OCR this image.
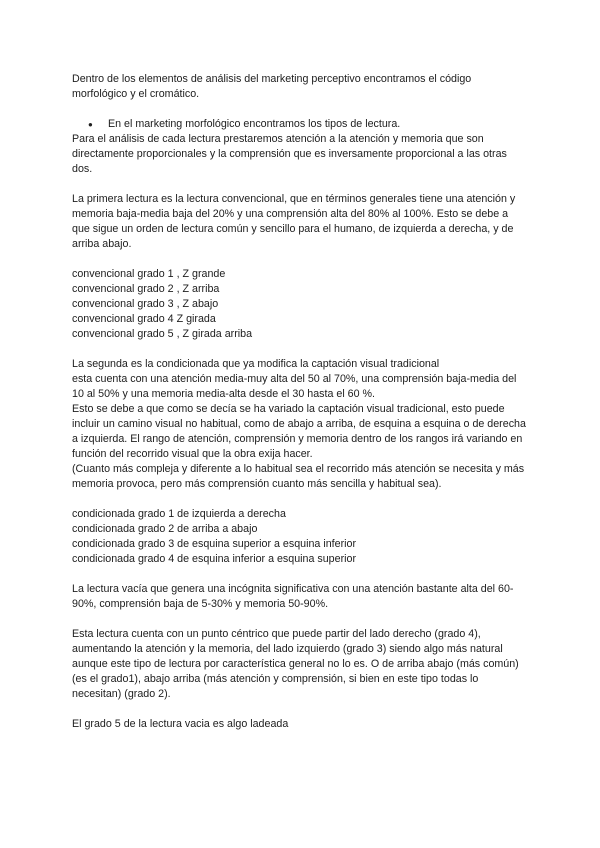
Dentro de los elementos de análisis del marketing perceptivo encontramos el código morfológico y el cromático.

● En el marketing morfológico encontramos los tipos de lectura.

Para el análisis de cada lectura prestaremos atención a la atención y memoria que son directamente proporcionales y la comprensión que es inversamente proporcional a las otras dos.

La primera lectura es la lectura convencional, que en términos generales tiene una atención y memoria baja-media baja del 20% y una comprensión alta del 80% al 100%. Esto se debe a que sigue un orden de lectura común y sencillo para el humano, de izquierda a derecha, y de arriba abajo.

convencional grado 1 , Z grande

convencional grado 2 , Z arriba

convencional grado 3 , Z abajo

convencional grado 4 Z girada

convencional grado 5 , Z girada arriba

La segunda es la condicionada que ya modifica la captación visual tradicional

esta cuenta con una atención media-muy alta del 50 al 70%, una comprensión baja-media del 10 al 50% y una memoria media-alta desde el 30 hasta el 60 %.

Esto se debe a que como se decía se ha variado la captación visual tradicional, esto puede incluir un camino visual no habitual, como de abajo a arriba, de esquina a esquina o de derecha a izquierda. El rango de atención, comprensión y memoria dentro de los rangos irá variando en función del recorrido visual que la obra exija hacer.

(Cuanto más compleja y diferente a lo habitual sea el recorrido más atención se necesita y más memoria provoca, pero más comprensión cuanto más sencilla y habitual sea).

condicionada grado 1 de izquierda a derecha

condicionada grado 2 de arriba a abajo

condicionada grado 3 de esquina superior a esquina inferior

condicionada grado 4 de esquina inferior a esquina superior

La lectura vacía que genera una incógnita significativa con una atención bastante alta del 60-90%, comprensión baja de 5-30% y memoria 50-90%.

Esta lectura cuenta con un punto céntrico que puede partir del lado derecho (grado 4), aumentando la atención y la memoria, del lado izquierdo (grado 3) siendo algo más natural aunque este tipo de lectura por característica general no lo es. O de arriba abajo (más común) (es el grado1), abajo arriba (más atención y comprensión, si bien en este tipo todas lo necesitan) (grado 2).

El grado 5 de la lectura vacia es algo ladeada
